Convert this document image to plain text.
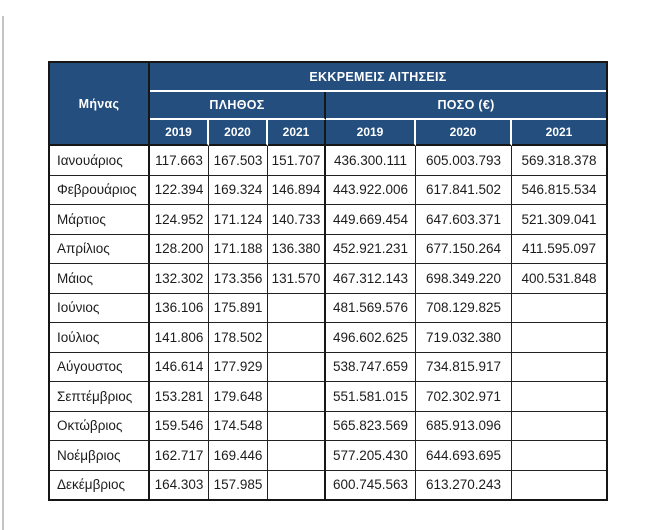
Μήνας	ΕΚΚΡΕΜΕΙΣ ΑΙΤΗΣΕΙΣ					
	ΠΛΗΘΟΣ			ΠΟΣΟ (€)		
	2019	2020	2021	2019	2020	2021
Ιανουάριος	117.663	167.503	151.707	436.300.111	605.003.793	569.318.378
Φεβρουάριος	122.394	169.324	146.894	443.922.006	617.841.502	546.815.534
Μάρτιος	124.952	171.124	140.733	449.669.454	647.603.371	521.309.041
Απρίλιος	128.200	171.188	136.380	452.921.231	677.150.264	411.595.097
Μάιος	132.302	173.356	131.570	467.312.143	698.349.220	400.531.848
Ιούνιος	136.106	175.891		481.569.576	708.129.825	
Ιούλιος	141.806	178.502		496.602.625	719.032.380	
Αύγουστος	146.614	177.929		538.747.659	734.815.917	
Σεπτέμβριος	153.281	179.648		551.581.015	702.302.971	
Οκτώβριος	159.546	174.548		565.823.569	685.913.096	
Νοέμβριος	162.717	169.446		577.205.430	644.693.695	
Δεκέμβριος	164.303	157.985		600.745.563	613.270.243	
